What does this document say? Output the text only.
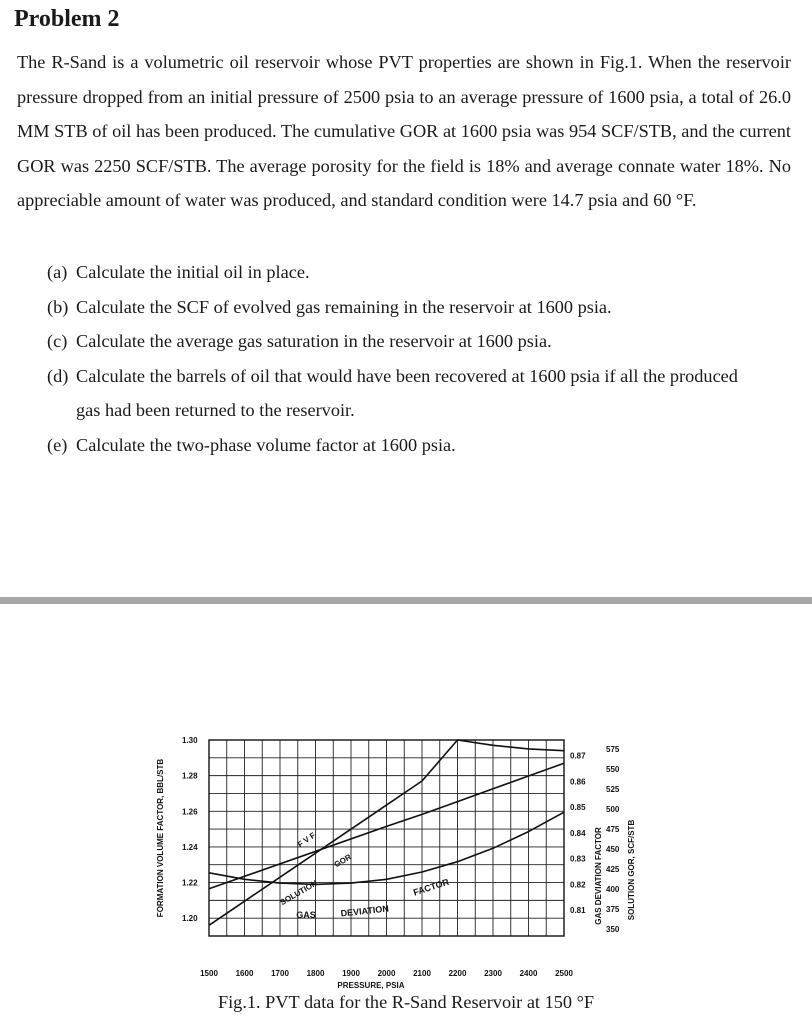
Problem 2

The R-Sand is a volumetric oil reservoir whose PVT properties are shown in Fig.1. When the reservoir pressure dropped from an initial pressure of 2500 psia to an average pressure of 1600 psia, a total of 26.0 MM STB of oil has been produced. The cumulative GOR at 1600 psia was 954 SCF/STB, and the current GOR was 2250 SCF/STB. The average porosity for the field is 18% and average connate water 18%. No appreciable amount of water was produced, and standard condition were 14.7 psia and 60 °F.

(a) Calculate the initial oil in place.
(b) Calculate the SCF of evolved gas remaining in the reservoir at 1600 psia.
(c) Calculate the average gas saturation in the reservoir at 1600 psia.
(d) Calculate the barrels of oil that would have been recovered at 1600 psia if all the produced
gas had been returned to the reservoir.
(e) Calculate the two-phase volume factor at 1600 psia.
1500 1600 1700 1800 1900 2000 2100 2200 2300 2400 2500
1.30
1.28
1.26
1.24
1.22
1.20
0.87
0.86
0.85
0.84
0.83
0.82
0.81
575
550
525
500
475
450
425
400
375
350
PRESSURE, PSIA
FORMATION VOLUME FACTOR, BBL/STB	GAS DEVIATION FACTOR	SOLUTION GOR, SCF/STB
F V F
SOLUTION
GOR
GAS	DEVIATION
FACTOR

Fig.1. PVT data for the R-Sand Reservoir at 150 °F
